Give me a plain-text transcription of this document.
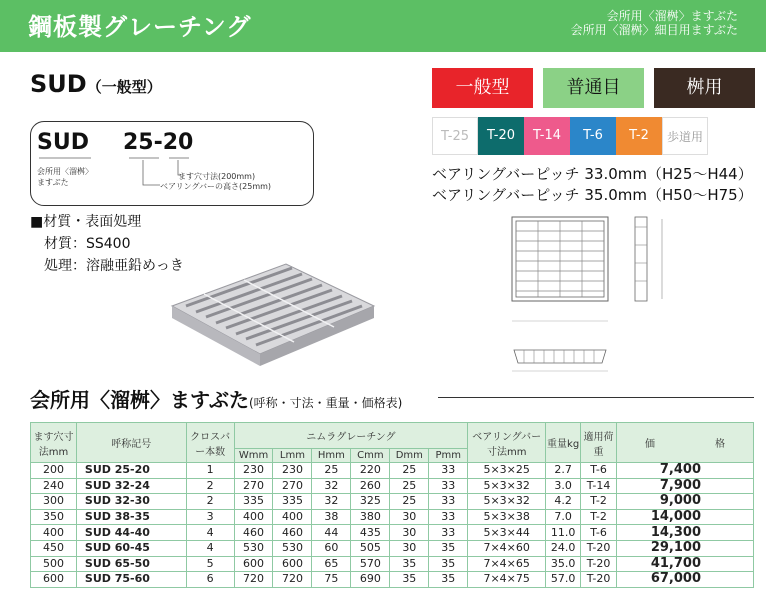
鋼板製グレーチング	会所用〈溜桝〉ますぶた
会所用〈溜桝〉細目用ますぶた
SUD（一般型）	一般型	普通目	桝用
T-25	T-20	T-14	T-6	T-2	歩道用
ベアリングバーピッチ 33.0mm（H25〜H44）
ベアリングバーピッチ 35.0mm（H50〜H75）
SUD 25-20
会所用〈溜桝〉
ますぶた
ます穴寸法(200mm)
ベアリングバーの高さ(25mm)
■材質・表面処理
材質：SS400
処理：溶融亜鉛めっき
会所用〈溜桝〉ますぶた(呼称・寸法・重量・価格表)
ます穴寸法mm	呼称記号	クロスバー本数	ニムラグレーチング						ベアリングバー寸法mm	重量kg	適用荷重	価　　　　　　 格
			Wmm	Lmm	Hmm	Cmm	Dmm	Pmm				
200	SUD 25-20	1	230	230	25	220	25	33	5×3×25	2.7	T-6	7,400
240	SUD 32-24	2	270	270	32	260	25	33	5×3×32	3.0	T-14	7,900
300	SUD 32-30	2	335	335	32	325	25	33	5×3×32	4.2	T-2	9,000
350	SUD 38-35	3	400	400	38	380	30	33	5×3×38	7.0	T-2	14,000
400	SUD 44-40	4	460	460	44	435	30	33	5×3×44	11.0	T-6	14,300
450	SUD 60-45	4	530	530	60	505	30	35	7×4×60	24.0	T-20	29,100
500	SUD 65-50	5	600	600	65	570	35	35	7×4×65	35.0	T-20	41,700
600	SUD 75-60	6	720	720	75	690	35	35	7×4×75	57.0	T-20	67,000
